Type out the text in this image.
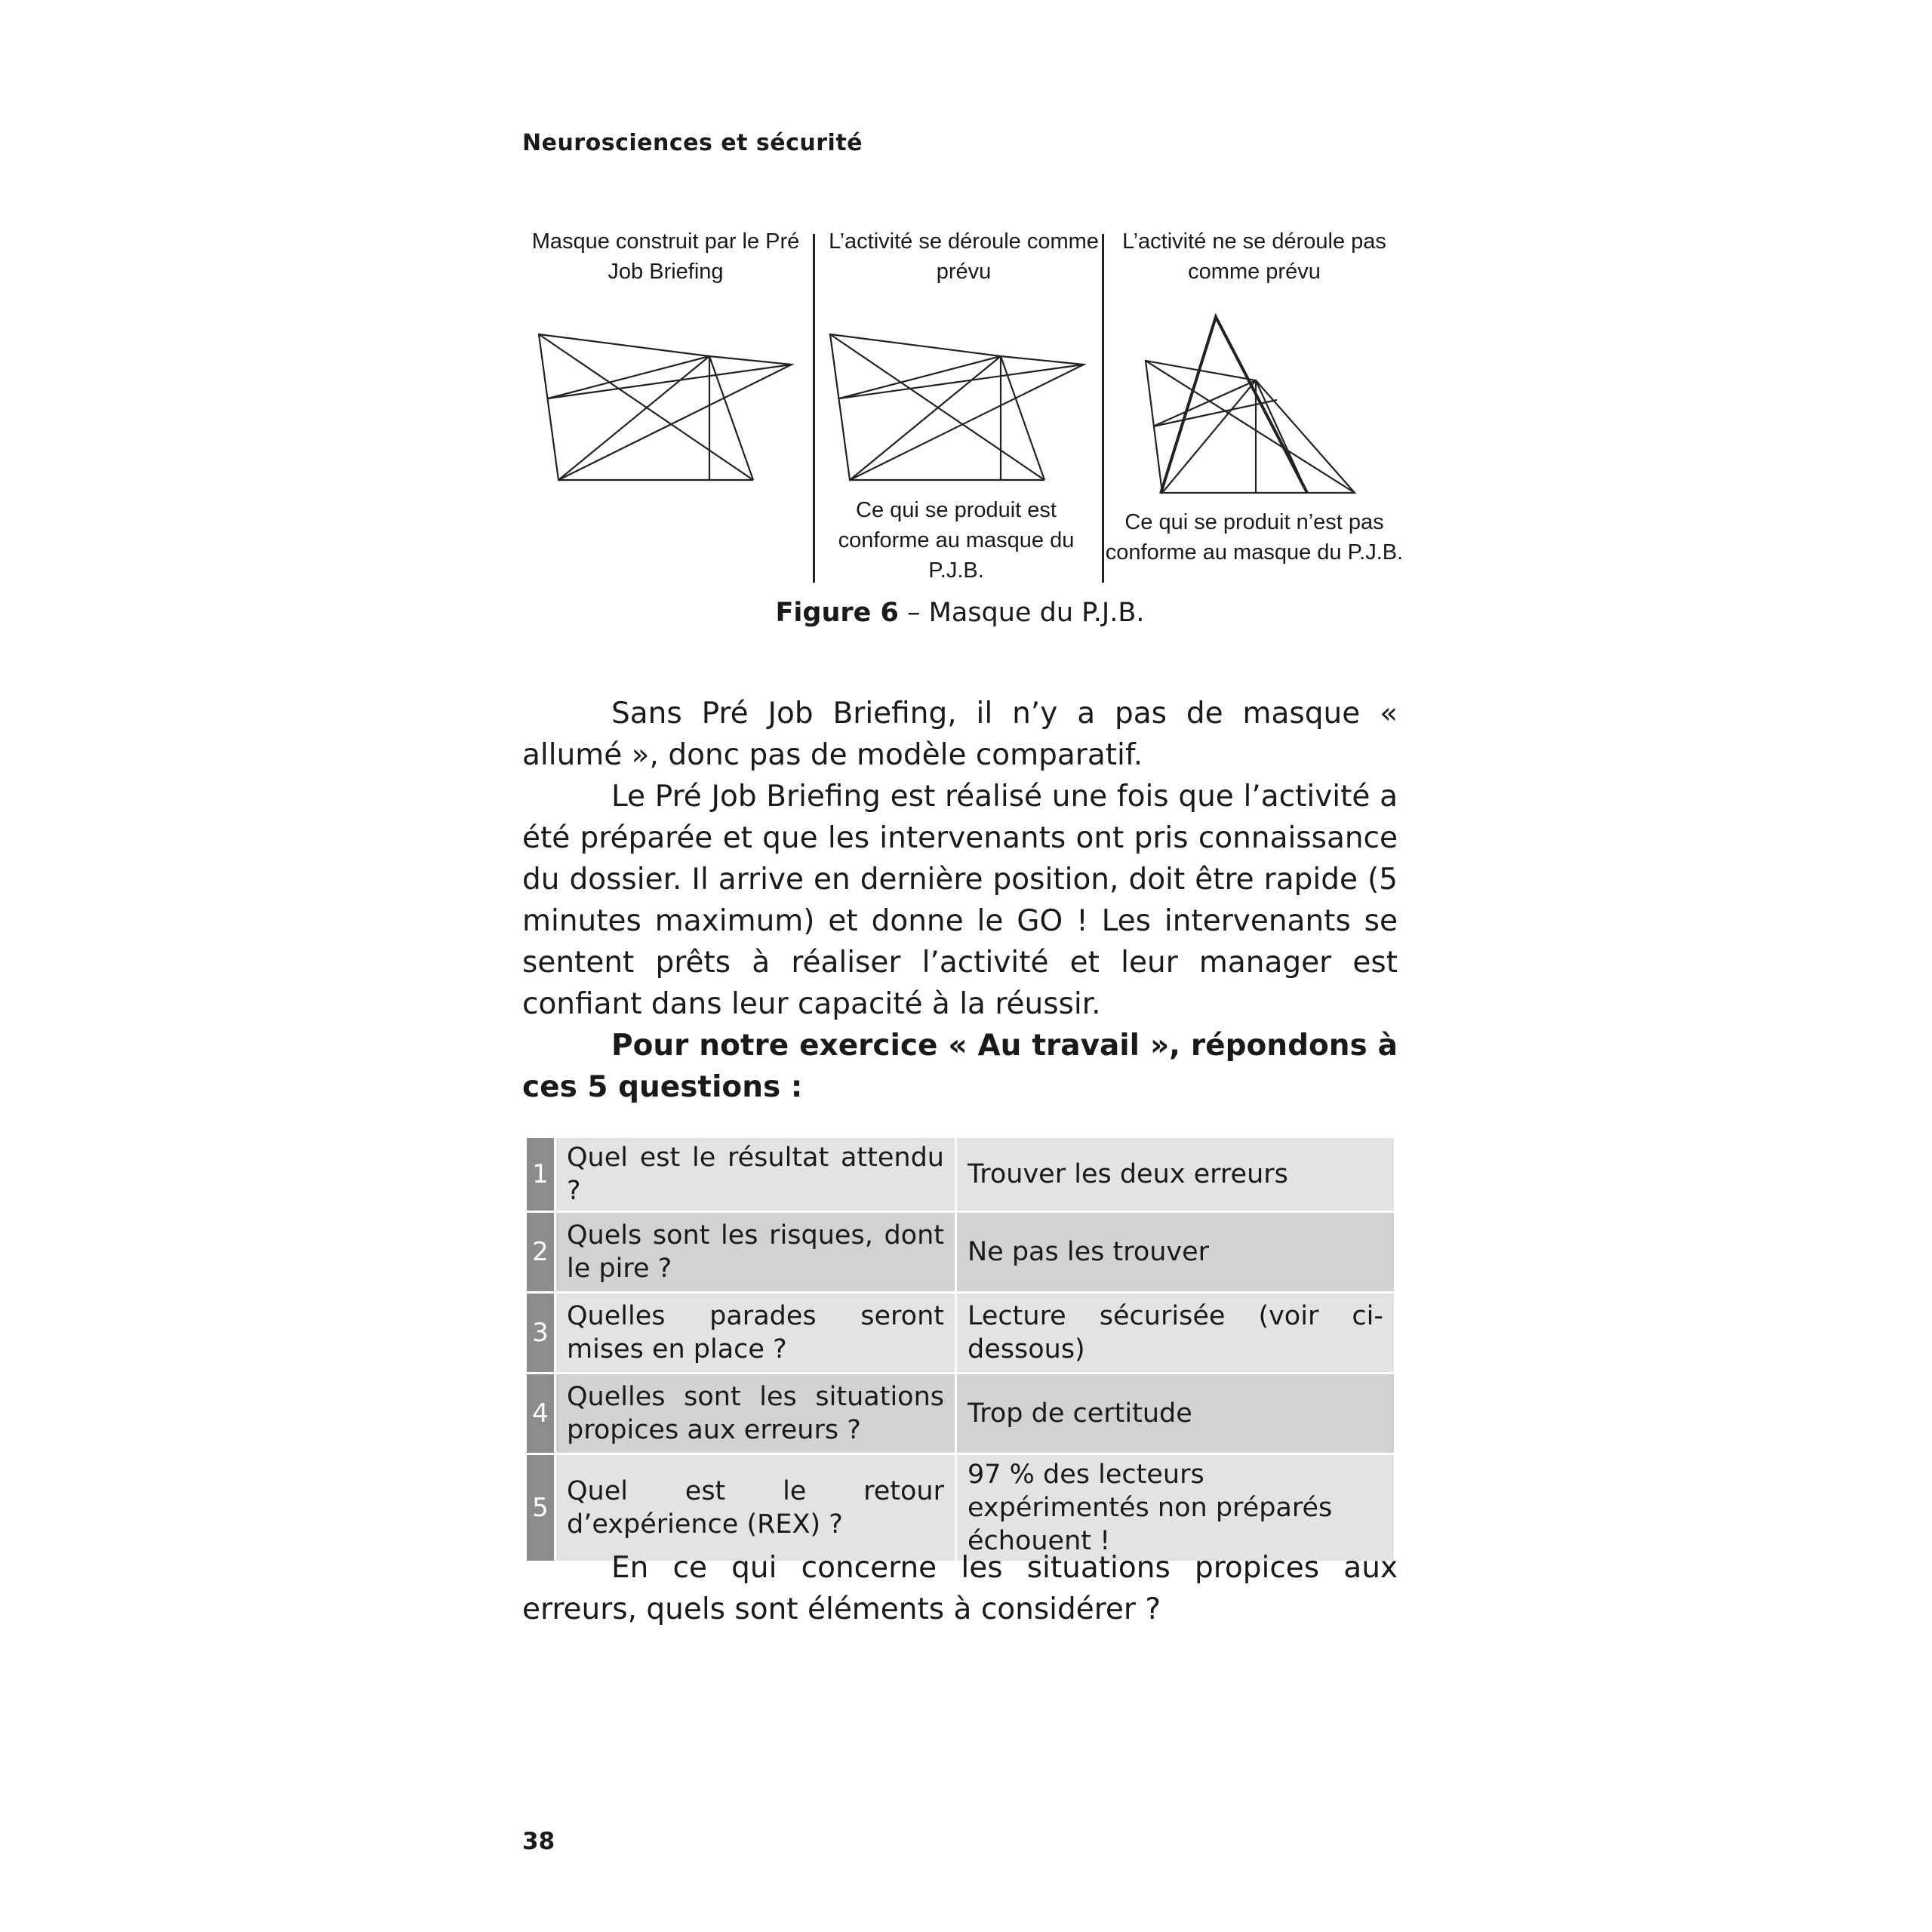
Neurosciences et sécurité
Masque construit par le Pré Job Briefing
L’activité se déroule comme prévu
L’activité ne se déroule pas comme prévu
Ce qui se produit est conforme au masque du P.J.B.
Ce qui se produit n’est pas conforme au masque du P.J.B.
Figure 6 – Masque du P.J.B.

Sans Pré Job Briefing, il n’y a pas de masque « allumé », donc pas de modèle comparatif.

Le Pré Job Briefing est réalisé une fois que l’activité a été préparée et que les intervenants ont pris connaissance du dossier. Il arrive en dernière position, doit être rapide (5 minutes maximum) et donne le GO ! Les intervenants se sentent prêts à réaliser l’activité et leur manager est confiant dans leur capacité à la réussir.

Pour notre exercice « Au travail », répondons à ces 5 questions :

1	Quel est le résultat attendu ?	Trouver les deux erreurs
2	Quels sont les risques, dont le pire ?	Ne pas les trouver
3	Quelles parades seront mises en place ?	Lecture sécurisée (voir ci-dessous)
4	Quelles sont les situations propices aux erreurs ?	Trop de certitude
5	Quel est le retour d’expérience (REX) ?	97 % des lecteurs expérimentés non préparés échouent !

En ce qui concerne les situations propices aux erreurs, quels sont éléments à considérer ?

38
